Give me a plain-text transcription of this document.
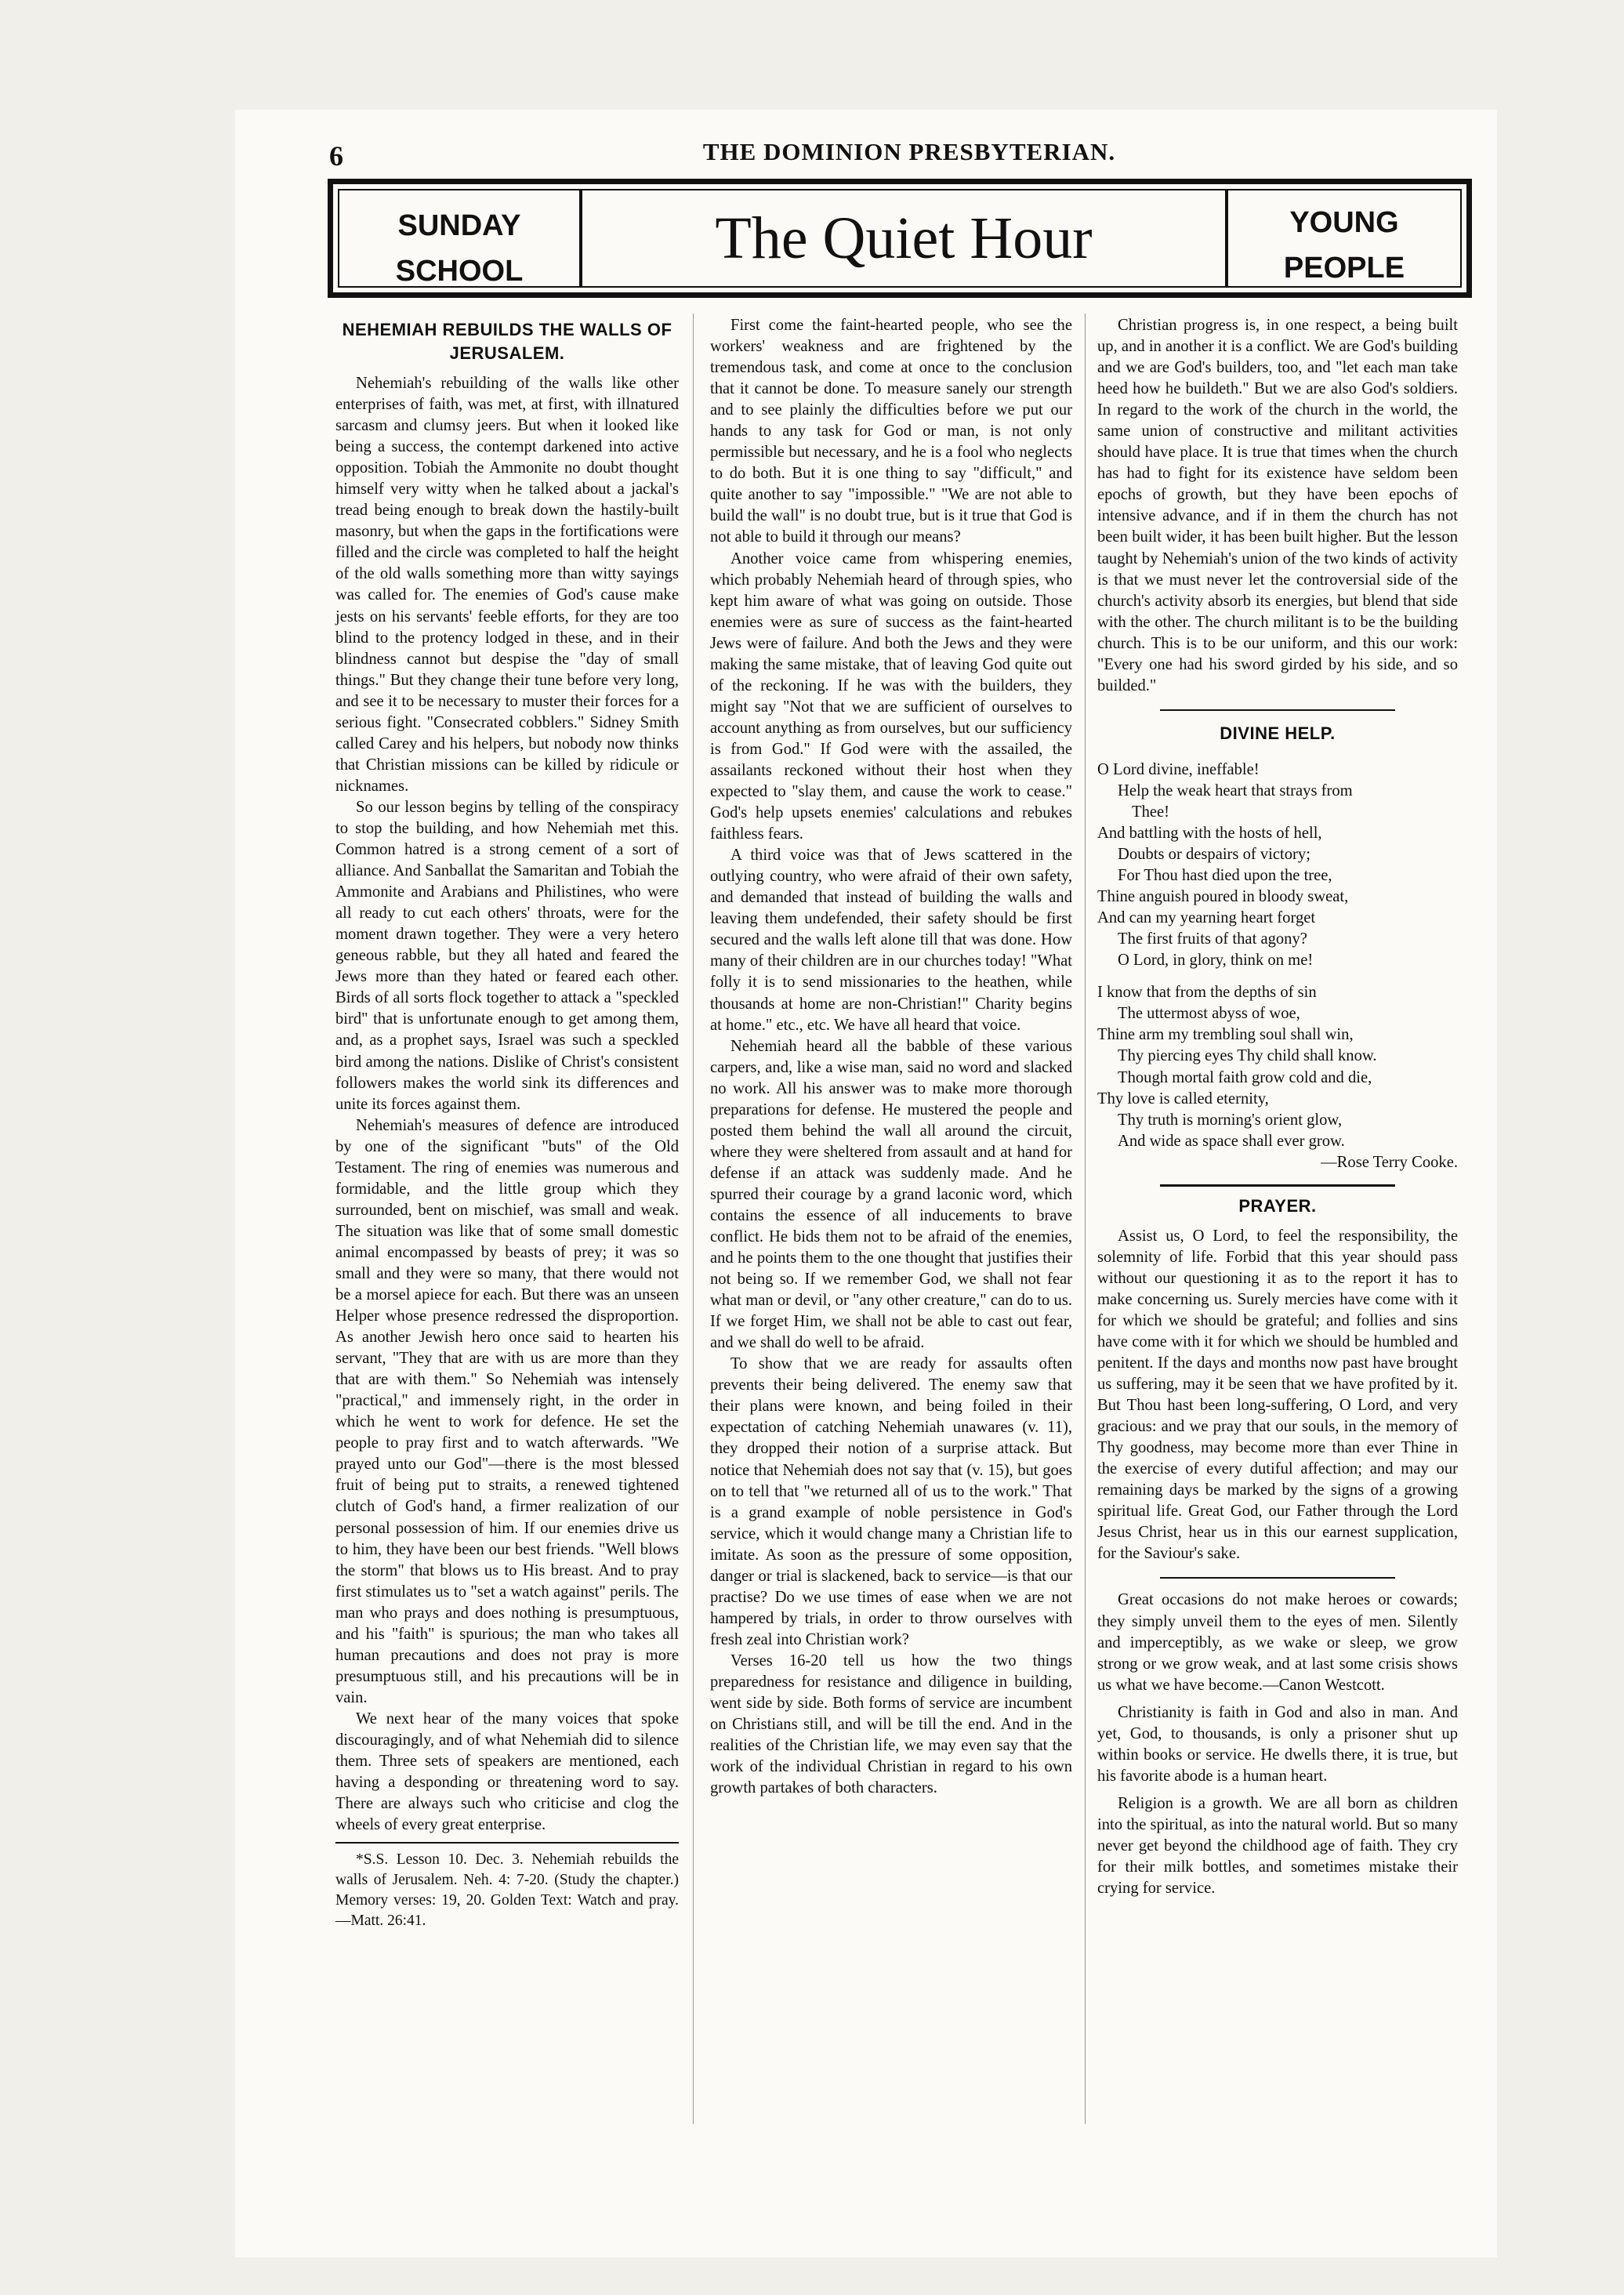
6	THE DOMINION PRESBYTERIAN.
SUNDAY
SCHOOL
The Quiet Hour	YOUNG
PEOPLE
NEHEMIAH REBUILDS THE WALLS OF JERUSALEM.

Nehemiah's rebuilding of the walls like other enterprises of faith, was met, at first, with illnatured sarcasm and clumsy jeers. But when it looked like being a success, the contempt darkened into active opposition. Tobiah the Ammonite no doubt thought himself very witty when he talked about a jackal's tread being enough to break down the hastily-built masonry, but when the gaps in the fortifications were filled and the circle was completed to half the height of the old walls something more than witty sayings was called for. The enemies of God's cause make jests on his servants' feeble efforts, for they are too blind to the protency lodged in these, and in their blindness cannot but despise the "day of small things." But they change their tune before very long, and see it to be necessary to muster their forces for a serious fight. "Consecrated cobblers." Sidney Smith called Carey and his helpers, but nobody now thinks that Christian missions can be killed by ridicule or nicknames.

So our lesson begins by telling of the conspiracy to stop the building, and how Nehemiah met this. Common hatred is a strong cement of a sort of alliance. And Sanballat the Samaritan and Tobiah the Ammonite and Arabians and Philistines, who were all ready to cut each others' throats, were for the moment drawn together. They were a very hetero geneous rabble, but they all hated and feared the Jews more than they hated or feared each other. Birds of all sorts flock together to attack a "speckled bird" that is unfortunate enough to get among them, and, as a prophet says, Israel was such a speckled bird among the nations. Dislike of Christ's consistent followers makes the world sink its differences and unite its forces against them.

Nehemiah's measures of defence are introduced by one of the significant "buts" of the Old Testament. The ring of enemies was numerous and formidable, and the little group which they surrounded, bent on mischief, was small and weak. The situation was like that of some small domestic animal encompassed by beasts of prey; it was so small and they were so many, that there would not be a morsel apiece for each. But there was an unseen Helper whose presence redressed the disproportion. As another Jewish hero once said to hearten his servant, "They that are with us are more than they that are with them." So Nehemiah was intensely "practical," and immensely right, in the order in which he went to work for defence. He set the people to pray first and to watch afterwards. "We prayed unto our God"—there is the most blessed fruit of being put to straits, a renewed tightened clutch of God's hand, a firmer realization of our personal possession of him. If our enemies drive us to him, they have been our best friends. "Well blows the storm" that blows us to His breast. And to pray first stimulates us to "set a watch against" perils. The man who prays and does nothing is presumptuous, and his "faith" is spurious; the man who takes all human precautions and does not pray is more presumptuous still, and his precautions will be in vain.

We next hear of the many voices that spoke discouragingly, and of what Nehemiah did to silence them. Three sets of speakers are mentioned, each having a desponding or threatening word to say. There are always such who criticise and clog the wheels of every great enterprise.

*S.S. Lesson 10. Dec. 3. Nehemiah rebuilds the walls of Jerusalem. Neh. 4: 7-20. (Study the chapter.) Memory verses: 19, 20. Golden Text: Watch and pray.—Matt. 26:41.

First come the faint-hearted people, who see the workers' weakness and are frightened by the tremendous task, and come at once to the conclusion that it cannot be done. To measure sanely our strength and to see plainly the difficulties before we put our hands to any task for God or man, is not only permissible but necessary, and he is a fool who neglects to do both. But it is one thing to say "difficult," and quite another to say "impossible." "We are not able to build the wall" is no doubt true, but is it true that God is not able to build it through our means?

Another voice came from whispering enemies, which probably Nehemiah heard of through spies, who kept him aware of what was going on outside. Those enemies were as sure of success as the faint-hearted Jews were of failure. And both the Jews and they were making the same mistake, that of leaving God quite out of the reckoning. If he was with the builders, they might say "Not that we are sufficient of ourselves to account anything as from ourselves, but our sufficiency is from God." If God were with the assailed, the assailants reckoned without their host when they expected to "slay them, and cause the work to cease." God's help upsets enemies' calculations and rebukes faithless fears.

A third voice was that of Jews scattered in the outlying country, who were afraid of their own safety, and demanded that instead of building the walls and leaving them undefended, their safety should be first secured and the walls left alone till that was done. How many of their children are in our churches today! "What folly it is to send missionaries to the heathen, while thousands at home are non-Christian!" Charity begins at home." etc., etc. We have all heard that voice.

Nehemiah heard all the babble of these various carpers, and, like a wise man, said no word and slacked no work. All his answer was to make more thorough preparations for defense. He mustered the people and posted them behind the wall all around the circuit, where they were sheltered from assault and at hand for defense if an attack was suddenly made. And he spurred their courage by a grand laconic word, which contains the essence of all inducements to brave conflict. He bids them not to be afraid of the enemies, and he points them to the one thought that justifies their not being so. If we remember God, we shall not fear what man or devil, or "any other creature," can do to us. If we forget Him, we shall not be able to cast out fear, and we shall do well to be afraid.

To show that we are ready for assaults often prevents their being delivered. The enemy saw that their plans were known, and being foiled in their expectation of catching Nehemiah unawares (v. 11), they dropped their notion of a surprise attack. But notice that Nehemiah does not say that (v. 15), but goes on to tell that "we returned all of us to the work." That is a grand example of noble persistence in God's service, which it would change many a Christian life to imitate. As soon as the pressure of some opposition, danger or trial is slackened, back to service—is that our practise? Do we use times of ease when we are not hampered by trials, in order to throw ourselves with fresh zeal into Christian work?

Verses 16-20 tell us how the two things preparedness for resistance and diligence in building, went side by side. Both forms of service are incumbent on Christians still, and will be till the end. And in the realities of the Christian life, we may even say that the work of the individual Christian in regard to his own growth partakes of both characters.

Christian progress is, in one respect, a being built up, and in another it is a conflict. We are God's building and we are God's builders, too, and "let each man take heed how he buildeth." But we are also God's soldiers. In regard to the work of the church in the world, the same union of constructive and militant activities should have place. It is true that times when the church has had to fight for its existence have seldom been epochs of growth, but they have been epochs of intensive advance, and if in them the church has not been built wider, it has been built higher. But the lesson taught by Nehemiah's union of the two kinds of activity is that we must never let the controversial side of the church's activity absorb its energies, but blend that side with the other. The church militant is to be the building church. This is to be our uniform, and this our work: "Every one had his sword girded by his side, and so builded."

DIVINE HELP.
O Lord divine, ineffable!
Help the weak heart that strays from
Thee!
And battling with the hosts of hell,
Doubts or despairs of victory;
For Thou hast died upon the tree,
Thine anguish poured in bloody sweat,
And can my yearning heart forget
The first fruits of that agony?
O Lord, in glory, think on me!
I know that from the depths of sin
The uttermost abyss of woe,
Thine arm my trembling soul shall win,
Thy piercing eyes Thy child shall know.
Though mortal faith grow cold and die,
Thy love is called eternity,
Thy truth is morning's orient glow,
And wide as space shall ever grow.
—Rose Terry Cooke.
PRAYER.

Assist us, O Lord, to feel the responsibility, the solemnity of life. Forbid that this year should pass without our questioning it as to the report it has to make concerning us. Surely mercies have come with it for which we should be grateful; and follies and sins have come with it for which we should be humbled and penitent. If the days and months now past have brought us suffering, may it be seen that we have profited by it. But Thou hast been long-suffering, O Lord, and very gracious: and we pray that our souls, in the memory of Thy goodness, may become more than ever Thine in the exercise of every dutiful affection; and may our remaining days be marked by the signs of a growing spiritual life. Great God, our Father through the Lord Jesus Christ, hear us in this our earnest supplication, for the Saviour's sake.

Great occasions do not make heroes or cowards; they simply unveil them to the eyes of men. Silently and imperceptibly, as we wake or sleep, we grow strong or we grow weak, and at last some crisis shows us what we have become.—Canon Westcott.

Christianity is faith in God and also in man. And yet, God, to thousands, is only a prisoner shut up within books or service. He dwells there, it is true, but his favorite abode is a human heart.

Religion is a growth. We are all born as children into the spiritual, as into the natural world. But so many never get beyond the childhood age of faith. They cry for their milk bottles, and sometimes mistake their crying for service.
